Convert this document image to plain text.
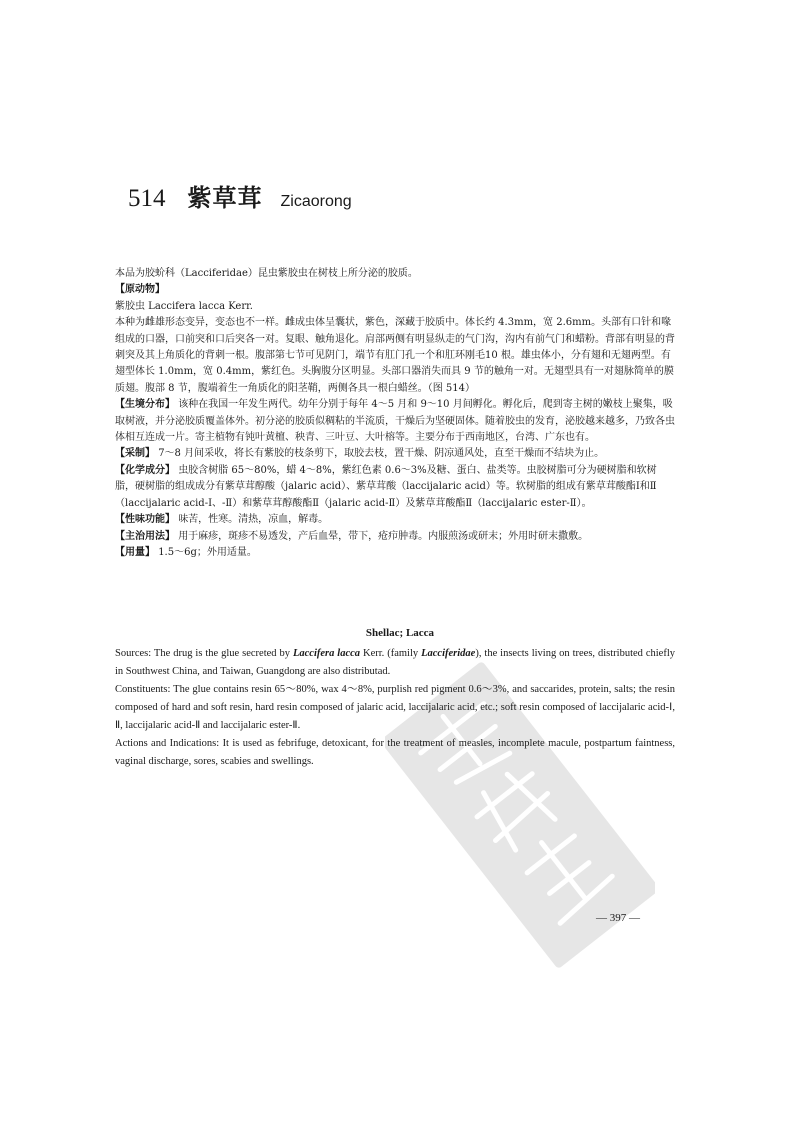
514 紫草茸 Zicaorong

本品为胶蚧科（Lacciferidae）昆虫紫胶虫在树枝上所分泌的胶质。

【原动物】

紫胶虫 Laccifera lacca Kerr.

本种为雌雄形态变异，变态也不一样。雌成虫体呈囊状，紫色，深藏于胶质中。体长约 4.3mm，宽 2.6mm。头部有口针和喙组成的口器，口前突和口后突各一对。复眼、触角退化。肩部两侧有明显纵走的气门沟，沟内有前气门和蜡粉。背部有明显的背刺突及其上角质化的背刺一根。腹部第七节可见阴门，端节有肛门孔一个和肛环刚毛10 根。雄虫体小，分有翅和无翅两型。有翅型体长 1.0mm，宽 0.4mm，紫红色。头胸腹分区明显。头部口器消失而具 9 节的触角一对。无翅型具有一对翅脉简单的膜质翅。腹部 8 节，腹端着生一角质化的阳茎鞘，两侧各具一根白蜡丝。（图 514）

【生境分布】 该种在我国一年发生两代。幼年分别于每年 4～5 月和 9～10 月间孵化。孵化后，爬到寄主树的嫩枝上聚集，吸取树液，并分泌胶质覆盖体外。初分泌的胶质似稠粘的半流质，干燥后为坚硬固体。随着胶虫的发育，泌胶越来越多，乃致各虫体相互连成一片。寄主植物有钝叶黄檀、秧青、三叶豆、大叶榕等。主要分布于西南地区，台湾、广东也有。

【采制】 7～8 月间采收，将长有紫胶的枝条剪下，取胶去枝，置干燥、阴凉通风处，直至干燥而不结块为止。

【化学成分】 虫胶含树脂 65～80%，蜡 4～8%，紫红色素 0.6～3%及糖、蛋白、盐类等。虫胶树脂可分为硬树脂和软树脂，硬树脂的组成成分有紫草茸醇酸（jalaric acid）、紫草茸酸（laccijalaric acid）等。软树脂的组成有紫草茸酸酯Ⅰ和Ⅱ（laccijalaric acid-Ⅰ、-Ⅱ）和紫草茸醇酸酯Ⅱ（jalaric acid-Ⅱ）及紫草茸酸酯Ⅱ（laccijalaric ester-Ⅱ）。

【性味功能】 味苦，性寒。清热，凉血，解毒。

【主治用法】 用于麻疹，斑疹不易透发，产后血晕，带下，疮疖肿毒。内服煎汤或研末；外用时研末撒敷。

【用量】 1.5～6g；外用适量。

Shellac; Lacca

Sources: The drug is the glue secreted by Laccifera lacca Kerr. (family Lacciferidae), the insects living on trees, distributed chiefly in Southwest China, and Taiwan, Guangdong are also distributad.

Constituents: The glue contains resin 65～80%, wax 4～8%, purplish red pigment 0.6～3%, and saccarides, protein, salts; the resin composed of hard and soft resin, hard resin composed of jalaric acid, laccijalaric acid, etc.; soft resin composed of laccijalaric acid-Ⅰ, Ⅱ, laccijalaric acid-Ⅱ and laccijalaric ester-Ⅱ.

Actions and Indications: It is used as febrifuge, detoxicant, for the treatment of measles, incomplete macule, postpartum faintness, vaginal discharge, sores, scabies and swellings.

— 397 —
